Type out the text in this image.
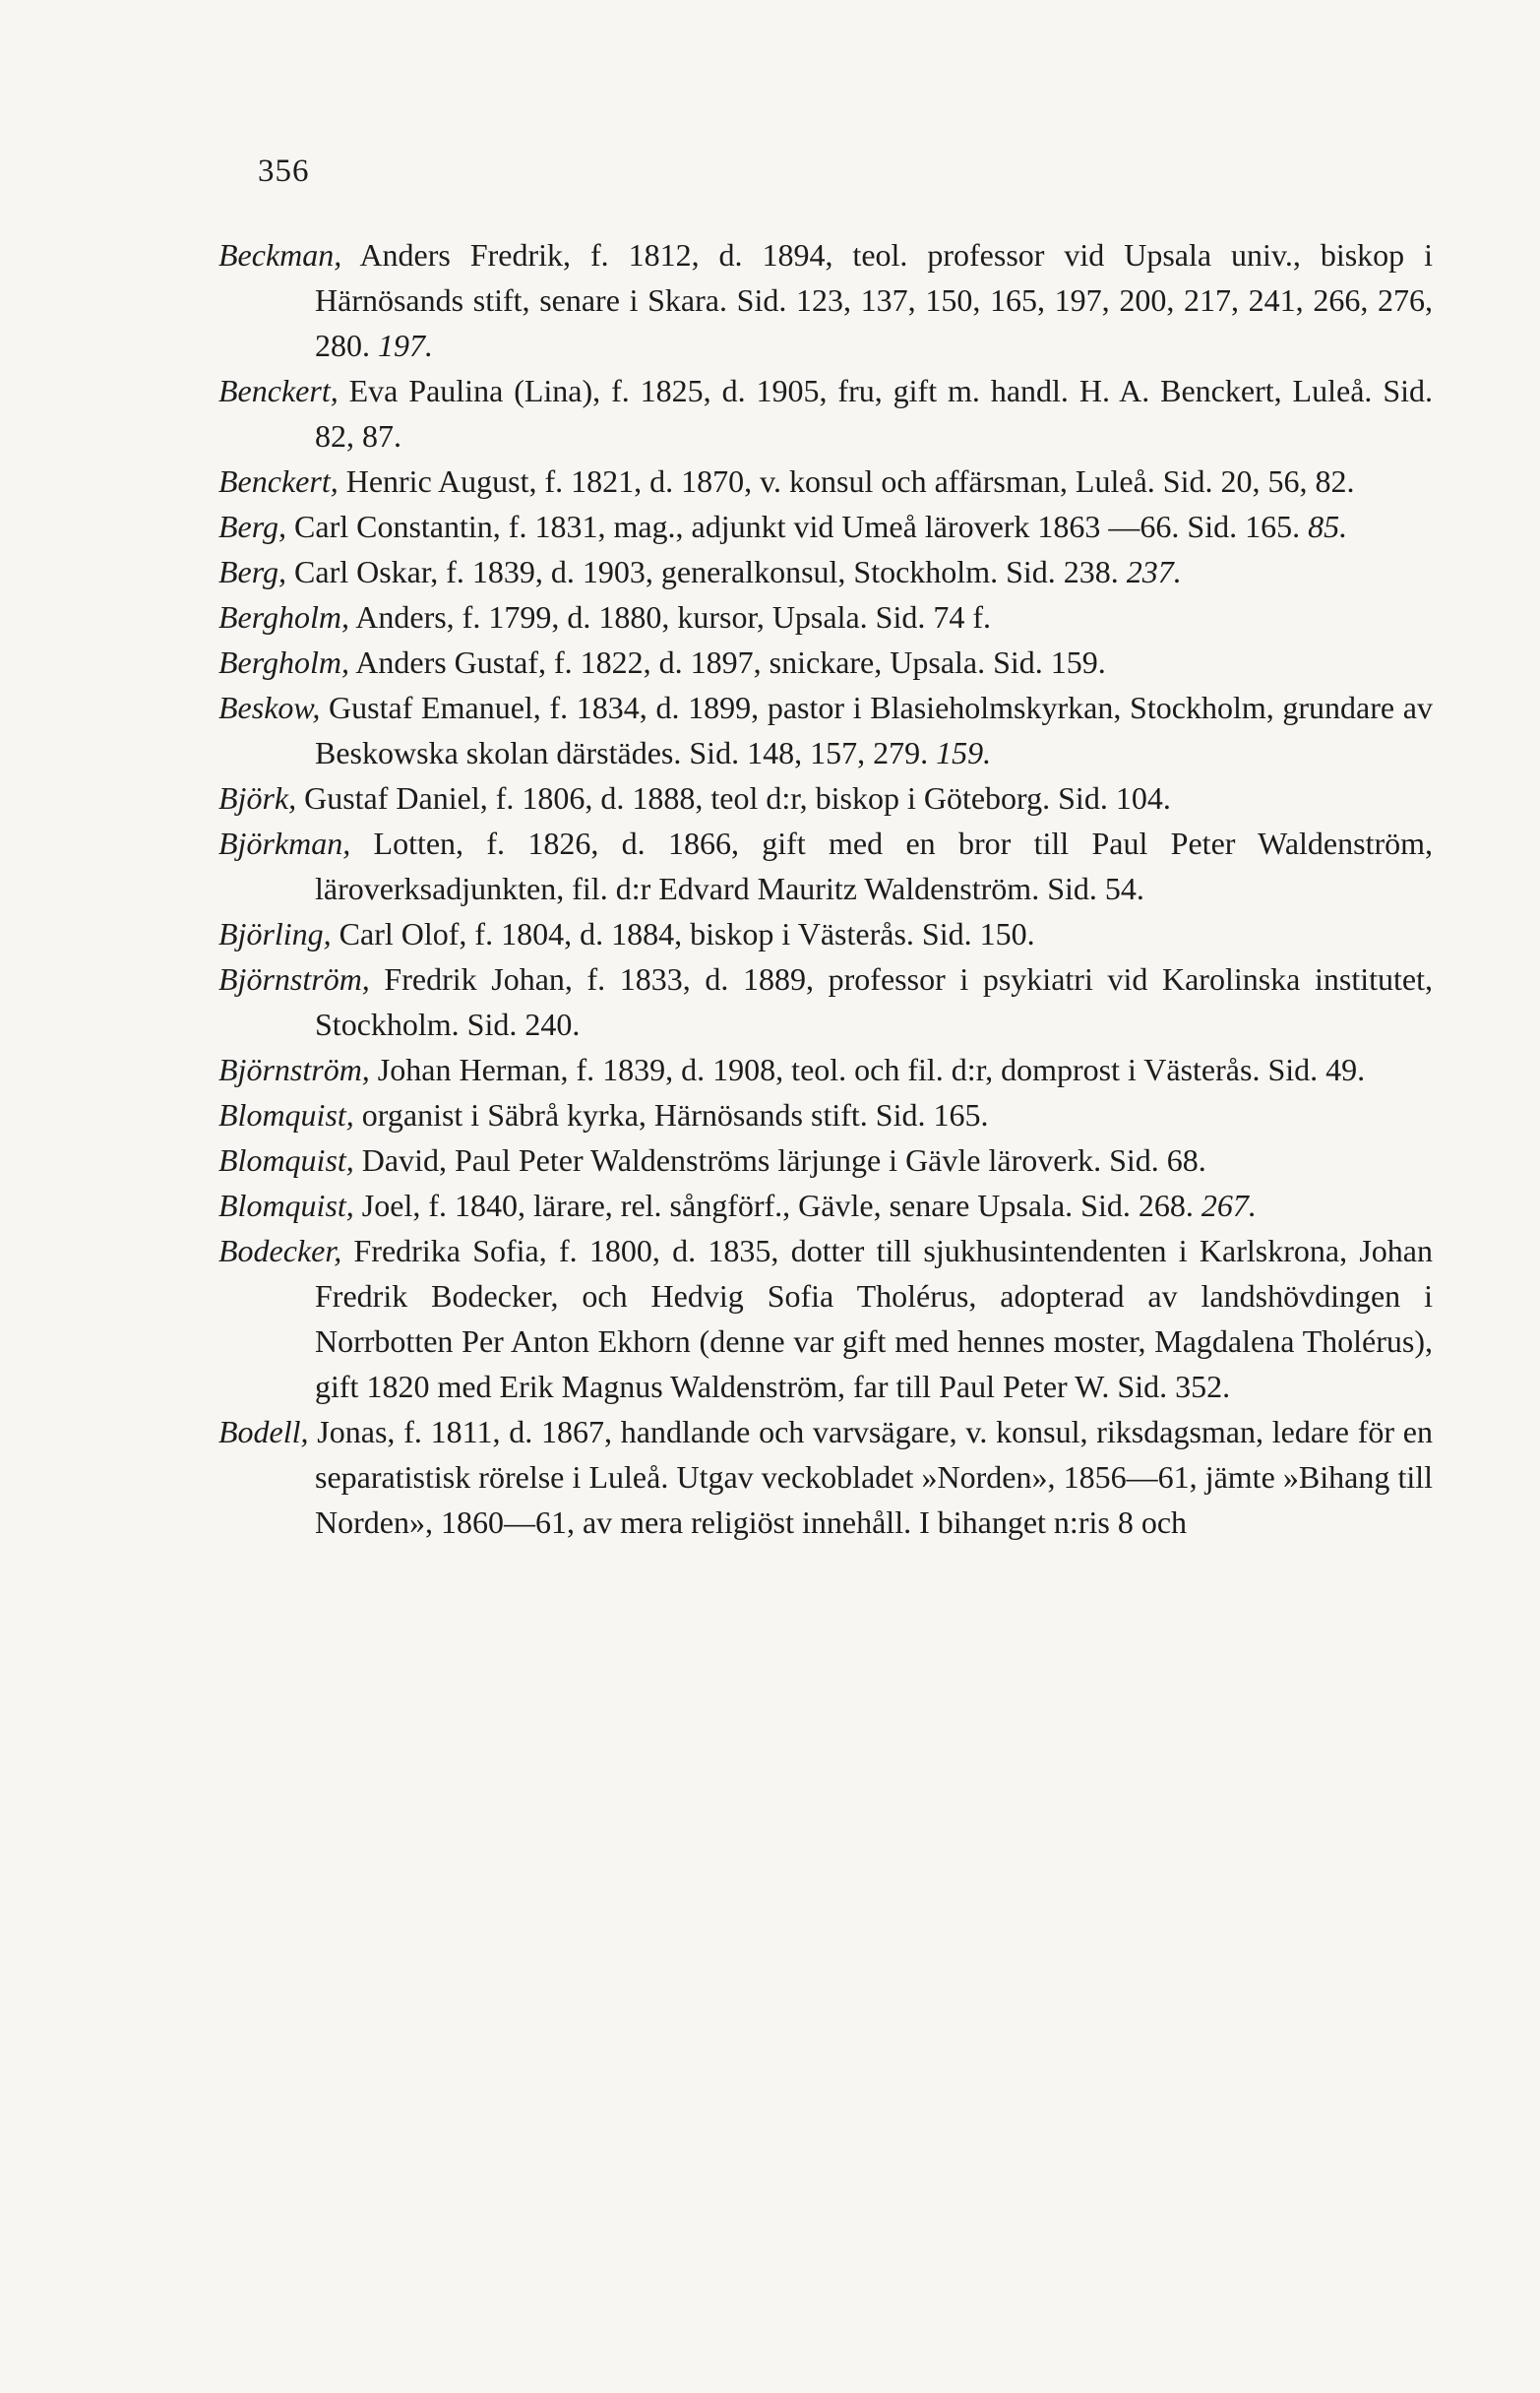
356
Beckman, Anders Fredrik, f. 1812, d. 1894, teol. professor vid Upsala univ., biskop i Härnösands stift, senare i Skara. Sid. 123, 137, 150, 165, 197, 200, 217, 241, 266, 276, 280. 197.
Benckert, Eva Paulina (Lina), f. 1825, d. 1905, fru, gift m. handl. H. A. Benckert, Luleå. Sid. 82, 87.
Benckert, Henric August, f. 1821, d. 1870, v. konsul och affärsman, Luleå. Sid. 20, 56, 82.
Berg, Carl Constantin, f. 1831, mag., adjunkt vid Umeå läroverk 1863 —66. Sid. 165. 85.
Berg, Carl Oskar, f. 1839, d. 1903, generalkonsul, Stockholm. Sid. 238. 237.
Bergholm, Anders, f. 1799, d. 1880, kursor, Upsala. Sid. 74 f.
Bergholm, Anders Gustaf, f. 1822, d. 1897, snickare, Upsala. Sid. 159.
Beskow, Gustaf Emanuel, f. 1834, d. 1899, pastor i Blasieholmskyrkan, Stockholm, grundare av Beskowska skolan därstädes. Sid. 148, 157, 279. 159.
Björk, Gustaf Daniel, f. 1806, d. 1888, teol d:r, biskop i Göteborg. Sid. 104.
Björkman, Lotten, f. 1826, d. 1866, gift med en bror till Paul Peter Waldenström, läroverksadjunkten, fil. d:r Edvard Mauritz Waldenström. Sid. 54.
Björling, Carl Olof, f. 1804, d. 1884, biskop i Västerås. Sid. 150.
Björnström, Fredrik Johan, f. 1833, d. 1889, professor i psykiatri vid Karolinska institutet, Stockholm. Sid. 240.
Björnström, Johan Herman, f. 1839, d. 1908, teol. och fil. d:r, domprost i Västerås. Sid. 49.
Blomquist, organist i Säbrå kyrka, Härnösands stift. Sid. 165.
Blomquist, David, Paul Peter Waldenströms lärjunge i Gävle läroverk. Sid. 68.
Blomquist, Joel, f. 1840, lärare, rel. sångförf., Gävle, senare Upsala. Sid. 268. 267.
Bodecker, Fredrika Sofia, f. 1800, d. 1835, dotter till sjukhusintendenten i Karlskrona, Johan Fredrik Bodecker, och Hedvig Sofia Tholérus, adopterad av landshövdingen i Norrbotten Per Anton Ekhorn (denne var gift med hennes moster, Magdalena Tholérus), gift 1820 med Erik Magnus Waldenström, far till Paul Peter W. Sid. 352.
Bodell, Jonas, f. 1811, d. 1867, handlande och varvsägare, v. konsul, riksdagsman, ledare för en separatistisk rörelse i Luleå. Utgav veckobladet »Norden», 1856—61, jämte »Bihang till Norden», 1860—61, av mera religiöst innehåll. I bihanget n:ris 8 och
